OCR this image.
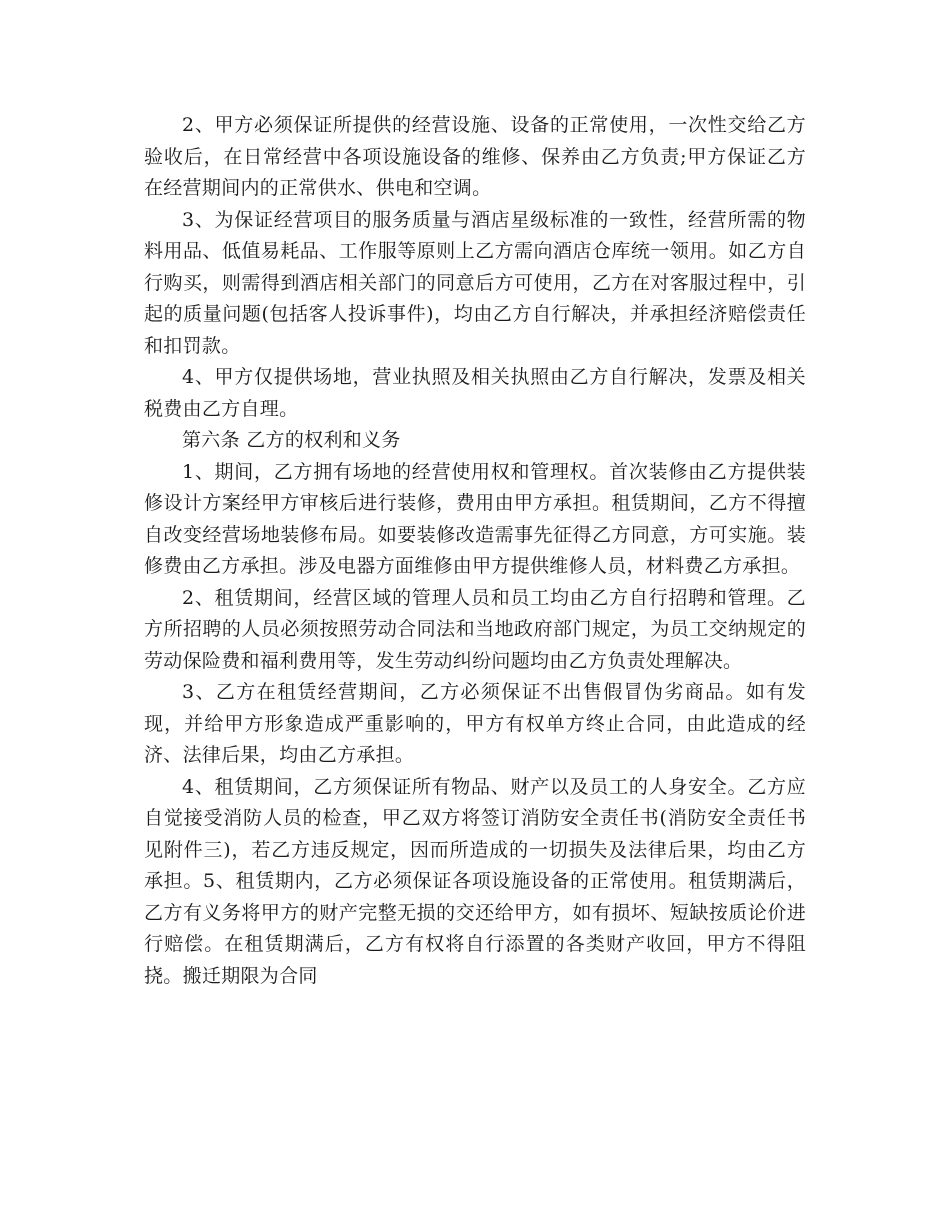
2、甲方必须保证所提供的经营设施、设备的正常使用，一次性交给乙方验收后，在日常经营中各项设施设备的维修、保养由乙方负责;甲方保证乙方在经营期间内的正常供水、供电和空调。

3、为保证经营项目的服务质量与酒店星级标准的一致性，经营所需的物料用品、低值易耗品、工作服等原则上乙方需向酒店仓库统一领用。如乙方自行购买，则需得到酒店相关部门的同意后方可使用，乙方在对客服过程中，引起的质量问题(包括客人投诉事件)，均由乙方自行解决，并承担经济赔偿责任和扣罚款。

4、甲方仅提供场地，营业执照及相关执照由乙方自行解决，发票及相关税费由乙方自理。

第六条 乙方的权利和义务

1、期间，乙方拥有场地的经营使用权和管理权。首次装修由乙方提供装修设计方案经甲方审核后进行装修，费用由甲方承担。租赁期间，乙方不得擅自改变经营场地装修布局。如要装修改造需事先征得乙方同意，方可实施。装修费由乙方承担。涉及电器方面维修由甲方提供维修人员，材料费乙方承担。

2、租赁期间，经营区域的管理人员和员工均由乙方自行招聘和管理。乙方所招聘的人员必须按照劳动合同法和当地政府部门规定，为员工交纳规定的劳动保险费和福利费用等，发生劳动纠纷问题均由乙方负责处理解决。

3、乙方在租赁经营期间，乙方必须保证不出售假冒伪劣商品。如有发现，并给甲方形象造成严重影响的，甲方有权单方终止合同，由此造成的经济、法律后果，均由乙方承担。

4、租赁期间，乙方须保证所有物品、财产以及员工的人身安全。乙方应自觉接受消防人员的检查，甲乙双方将签订消防安全责任书(消防安全责任书见附件三)，若乙方违反规定，因而所造成的一切损失及法律后果，均由乙方承担。5、租赁期内，乙方必须保证各项设施设备的正常使用。租赁期满后，乙方有义务将甲方的财产完整无损的交还给甲方，如有损坏、短缺按质论价进行赔偿。在租赁期满后，乙方有权将自行添置的各类财产收回，甲方不得阻挠。搬迁期限为合同
